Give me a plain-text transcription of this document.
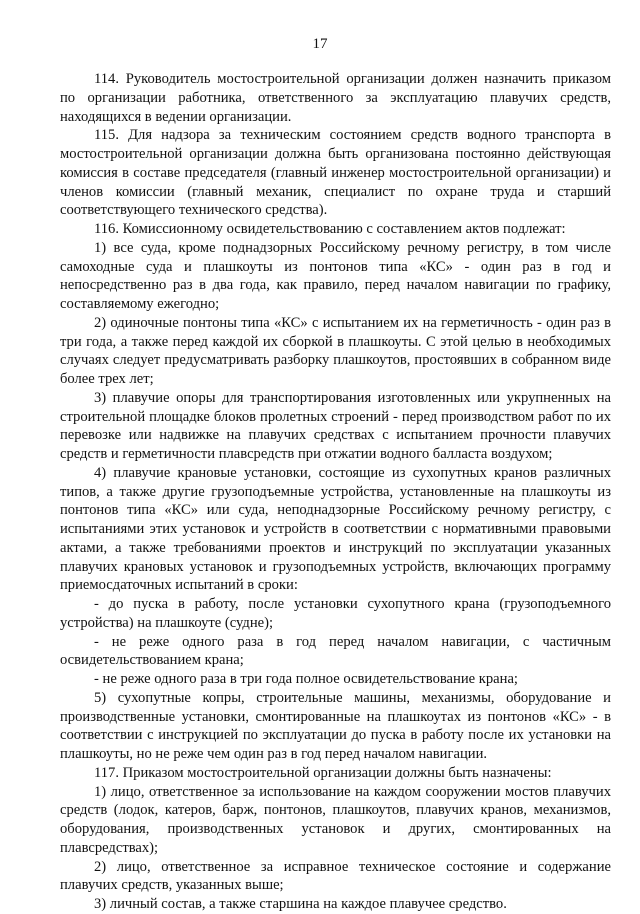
17

114. Руководитель мостостроительной организации должен назначить приказом по организации работника, ответственного за эксплуатацию плавучих средств, находящихся в ведении организации.

115. Для надзора за техническим состоянием средств водного транспорта в мостостроительной организации должна быть организована постоянно действующая комиссия в составе председателя (главный инженер мостостроительной организации) и членов комиссии (главный механик, специалист по охране труда и старший соответствующего технического средства).

116. Комиссионному освидетельствованию с составлением актов подлежат:

1) все суда, кроме поднадзорных Российскому речному регистру, в том числе самоходные суда и плашкоуты из понтонов типа «КС» - один раз в год и непосредственно раз в два года, как правило, перед началом навигации по графику, составляемому ежегодно;

2) одиночные понтоны типа «КС» с испытанием их на герметичность - один раз в три года, а также перед каждой их сборкой в плашкоуты. С этой целью в необходимых случаях следует предусматривать разборку плашкоутов, простоявших в собранном виде более трех лет;

3) плавучие опоры для транспортирования изготовленных или укрупненных на строительной площадке блоков пролетных строений - перед производством работ по их перевозке или надвижке на плавучих средствах с испытанием прочности плавучих средств и герметичности плавсредств при отжатии водного балласта воздухом;

4) плавучие крановые установки, состоящие из сухопутных кранов различных типов, а также другие грузоподъемные устройства, установленные на плашкоуты из понтонов типа «КС» или суда, неподнадзорные Российскому речному регистру, с испытаниями этих установок и устройств в соответствии с нормативными правовыми актами, а также требованиями проектов и инструкций по эксплуатации указанных плавучих крановых установок и грузоподъемных устройств, включающих программу приемосдаточных испытаний в сроки:

- до пуска в работу, после установки сухопутного крана (грузоподъемного устройства) на плашкоуте (судне);

- не реже одного раза в год перед началом навигации, с частичным освидетельствованием крана;

- не реже одного раза в три года полное освидетельствование крана;

5) сухопутные копры, строительные машины, механизмы, оборудование и производственные установки, смонтированные на плашкоутах из понтонов «КС» - в соответствии с инструкцией по эксплуатации до пуска в работу после их установки на плашкоуты, но не реже чем один раз в год перед началом навигации.

117. Приказом мостостроительной организации должны быть назначены:

1) лицо, ответственное за использование на каждом сооружении мостов плавучих средств (лодок, катеров, барж, понтонов, плашкоутов, плавучих кранов, механизмов, оборудования, производственных установок и других, смонтированных на плавсредствах);

2) лицо, ответственное за исправное техническое состояние и содержание плавучих средств, указанных выше;

3) личный состав, а также старшина на каждое плавучее средство.
